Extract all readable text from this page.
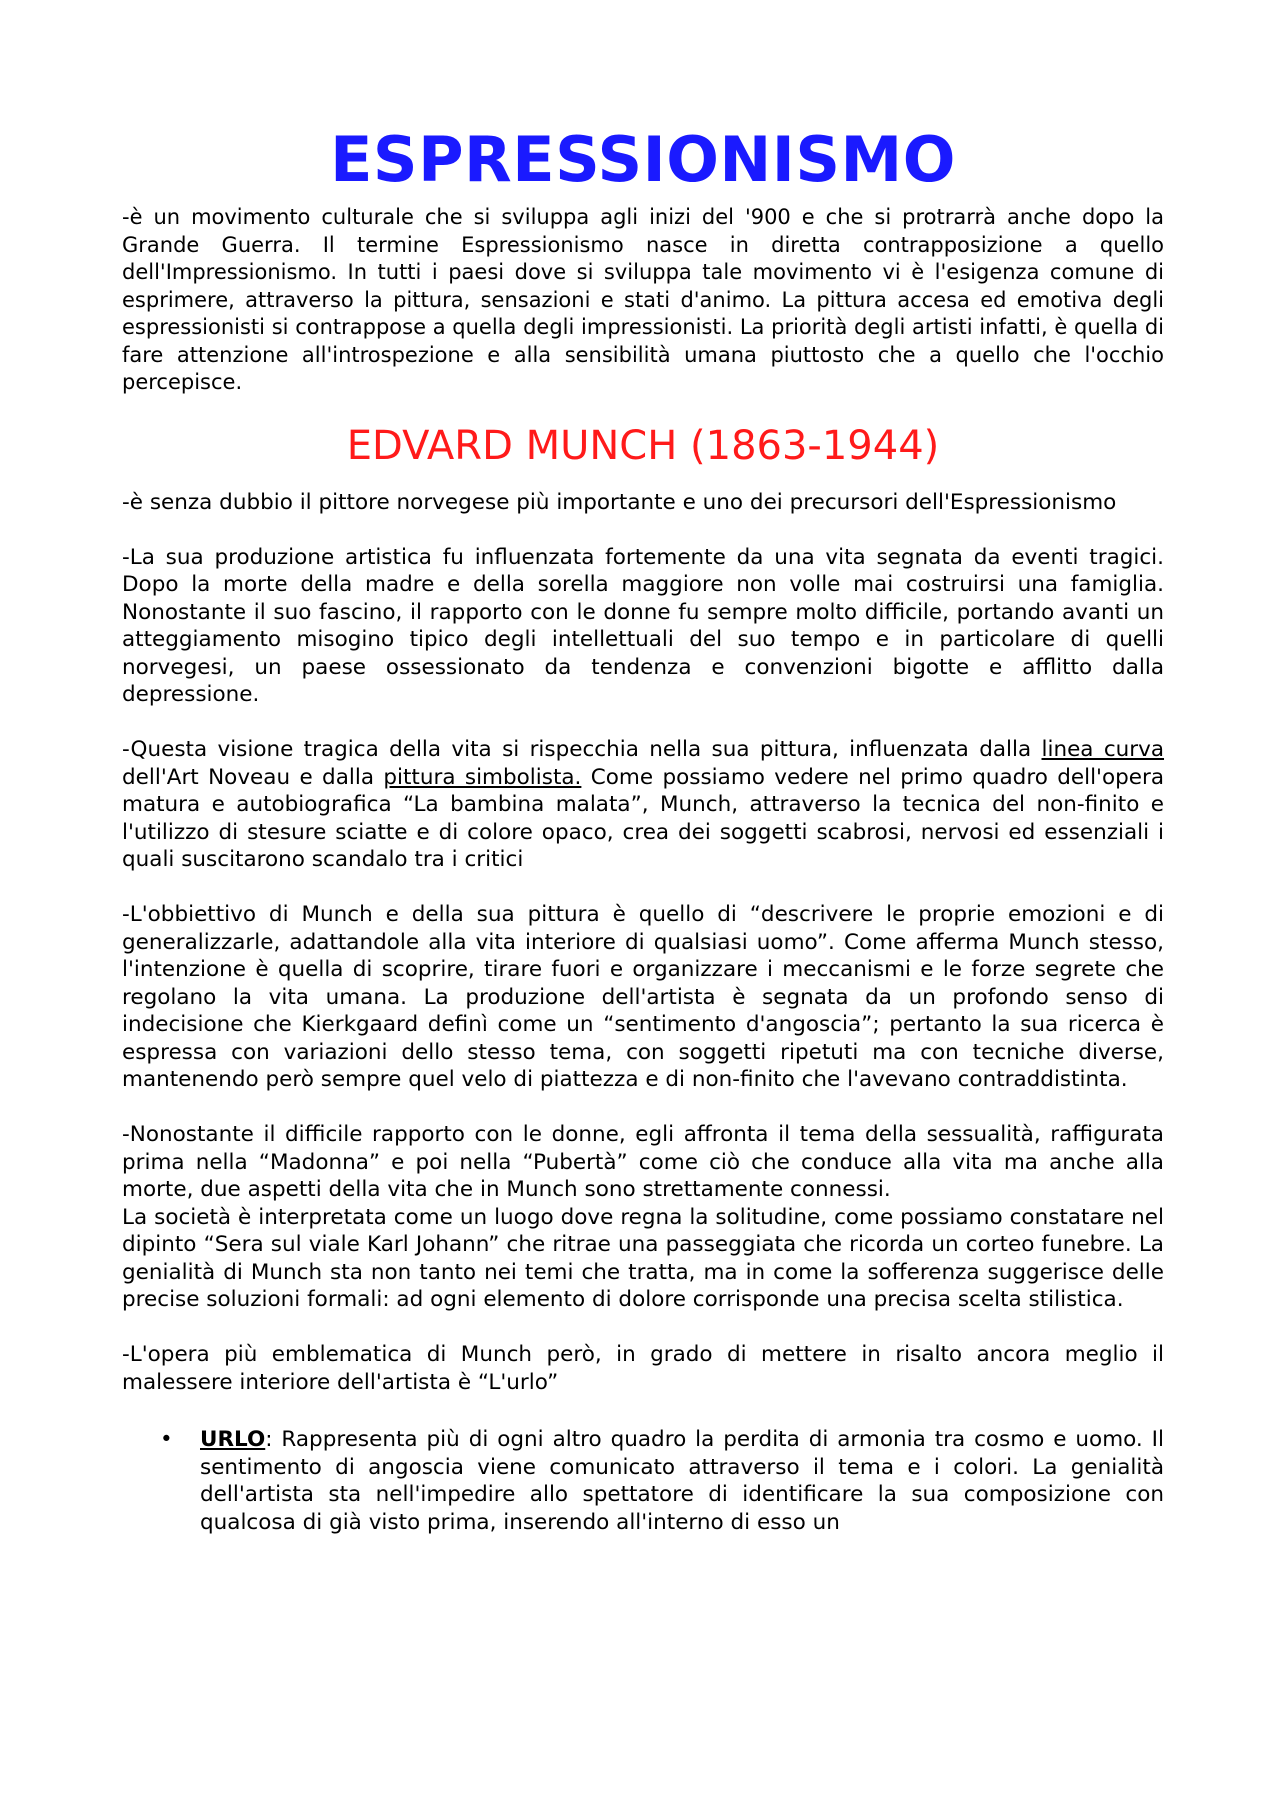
ESPRESSIONISMO

-è un movimento culturale che si sviluppa agli inizi del '900 e che si protrarrà anche dopo la Grande Guerra. Il termine Espressionismo nasce in diretta contrapposizione a quello dell'Impressionismo. In tutti i paesi dove si sviluppa tale movimento vi è l'esigenza comune di esprimere, attraverso la pittura, sensazioni e stati d'animo. La pittura accesa ed emotiva degli espressionisti si contrappose a quella degli impressionisti. La priorità degli artisti infatti, è quella di fare attenzione all'introspezione e alla sensibilità umana piuttosto che a quello che l'occhio percepisce.

EDVARD MUNCH (1863-1944)

-è senza dubbio il pittore norvegese più importante e uno dei precursori dell'Espressionismo

-La sua produzione artistica fu influenzata fortemente da una vita segnata da eventi tragici. Dopo la morte della madre e della sorella maggiore non volle mai costruirsi una famiglia. Nonostante il suo fascino, il rapporto con le donne fu sempre molto difficile, portando avanti un atteggiamento misogino tipico degli intellettuali del suo tempo e in particolare di quelli norvegesi, un paese ossessionato da tendenza e convenzioni bigotte e afflitto dalla depressione.

-Questa visione tragica della vita si rispecchia nella sua pittura, influenzata dalla linea curva dell'Art Noveau e dalla pittura simbolista. Come possiamo vedere nel primo quadro dell'opera matura e autobiografica “La bambina malata”, Munch, attraverso la tecnica del non-finito e l'utilizzo di stesure sciatte e di colore opaco, crea dei soggetti scabrosi, nervosi ed essenziali i quali suscitarono scandalo tra i critici

-L'obbiettivo di Munch e della sua pittura è quello di “descrivere le proprie emozioni e di generalizzarle, adattandole alla vita interiore di qualsiasi uomo”. Come afferma Munch stesso, l'intenzione è quella di scoprire, tirare fuori e organizzare i meccanismi e le forze segrete che regolano la vita umana. La produzione dell'artista è segnata da un profondo senso di indecisione che Kierkgaard definì come un “sentimento d'angoscia”; pertanto la sua ricerca è espressa con variazioni dello stesso tema, con soggetti ripetuti ma con tecniche diverse, mantenendo però sempre quel velo di piattezza e di non-finito che l'avevano contraddistinta.

-Nonostante il difficile rapporto con le donne, egli affronta il tema della sessualità, raffigurata prima nella “Madonna” e poi nella “Pubertà” come ciò che conduce alla vita ma anche alla morte, due aspetti della vita che in Munch sono strettamente connessi.

La società è interpretata come un luogo dove regna la solitudine, come possiamo constatare nel dipinto “Sera sul viale Karl Johann” che ritrae una passeggiata che ricorda un corteo funebre. La genialità di Munch sta non tanto nei temi che tratta, ma in come la sofferenza suggerisce delle precise soluzioni formali: ad ogni elemento di dolore corrisponde una precisa scelta stilistica.

-L'opera più emblematica di Munch però, in grado di mettere in risalto ancora meglio il malessere interiore dell'artista è “L'urlo”

• URLO: Rappresenta più di ogni altro quadro la perdita di armonia tra cosmo e uomo. Il sentimento di angoscia viene comunicato attraverso il tema e i colori. La genialità dell'artista sta nell'impedire allo spettatore di identificare la sua composizione con qualcosa di già visto prima, inserendo all'interno di esso un
